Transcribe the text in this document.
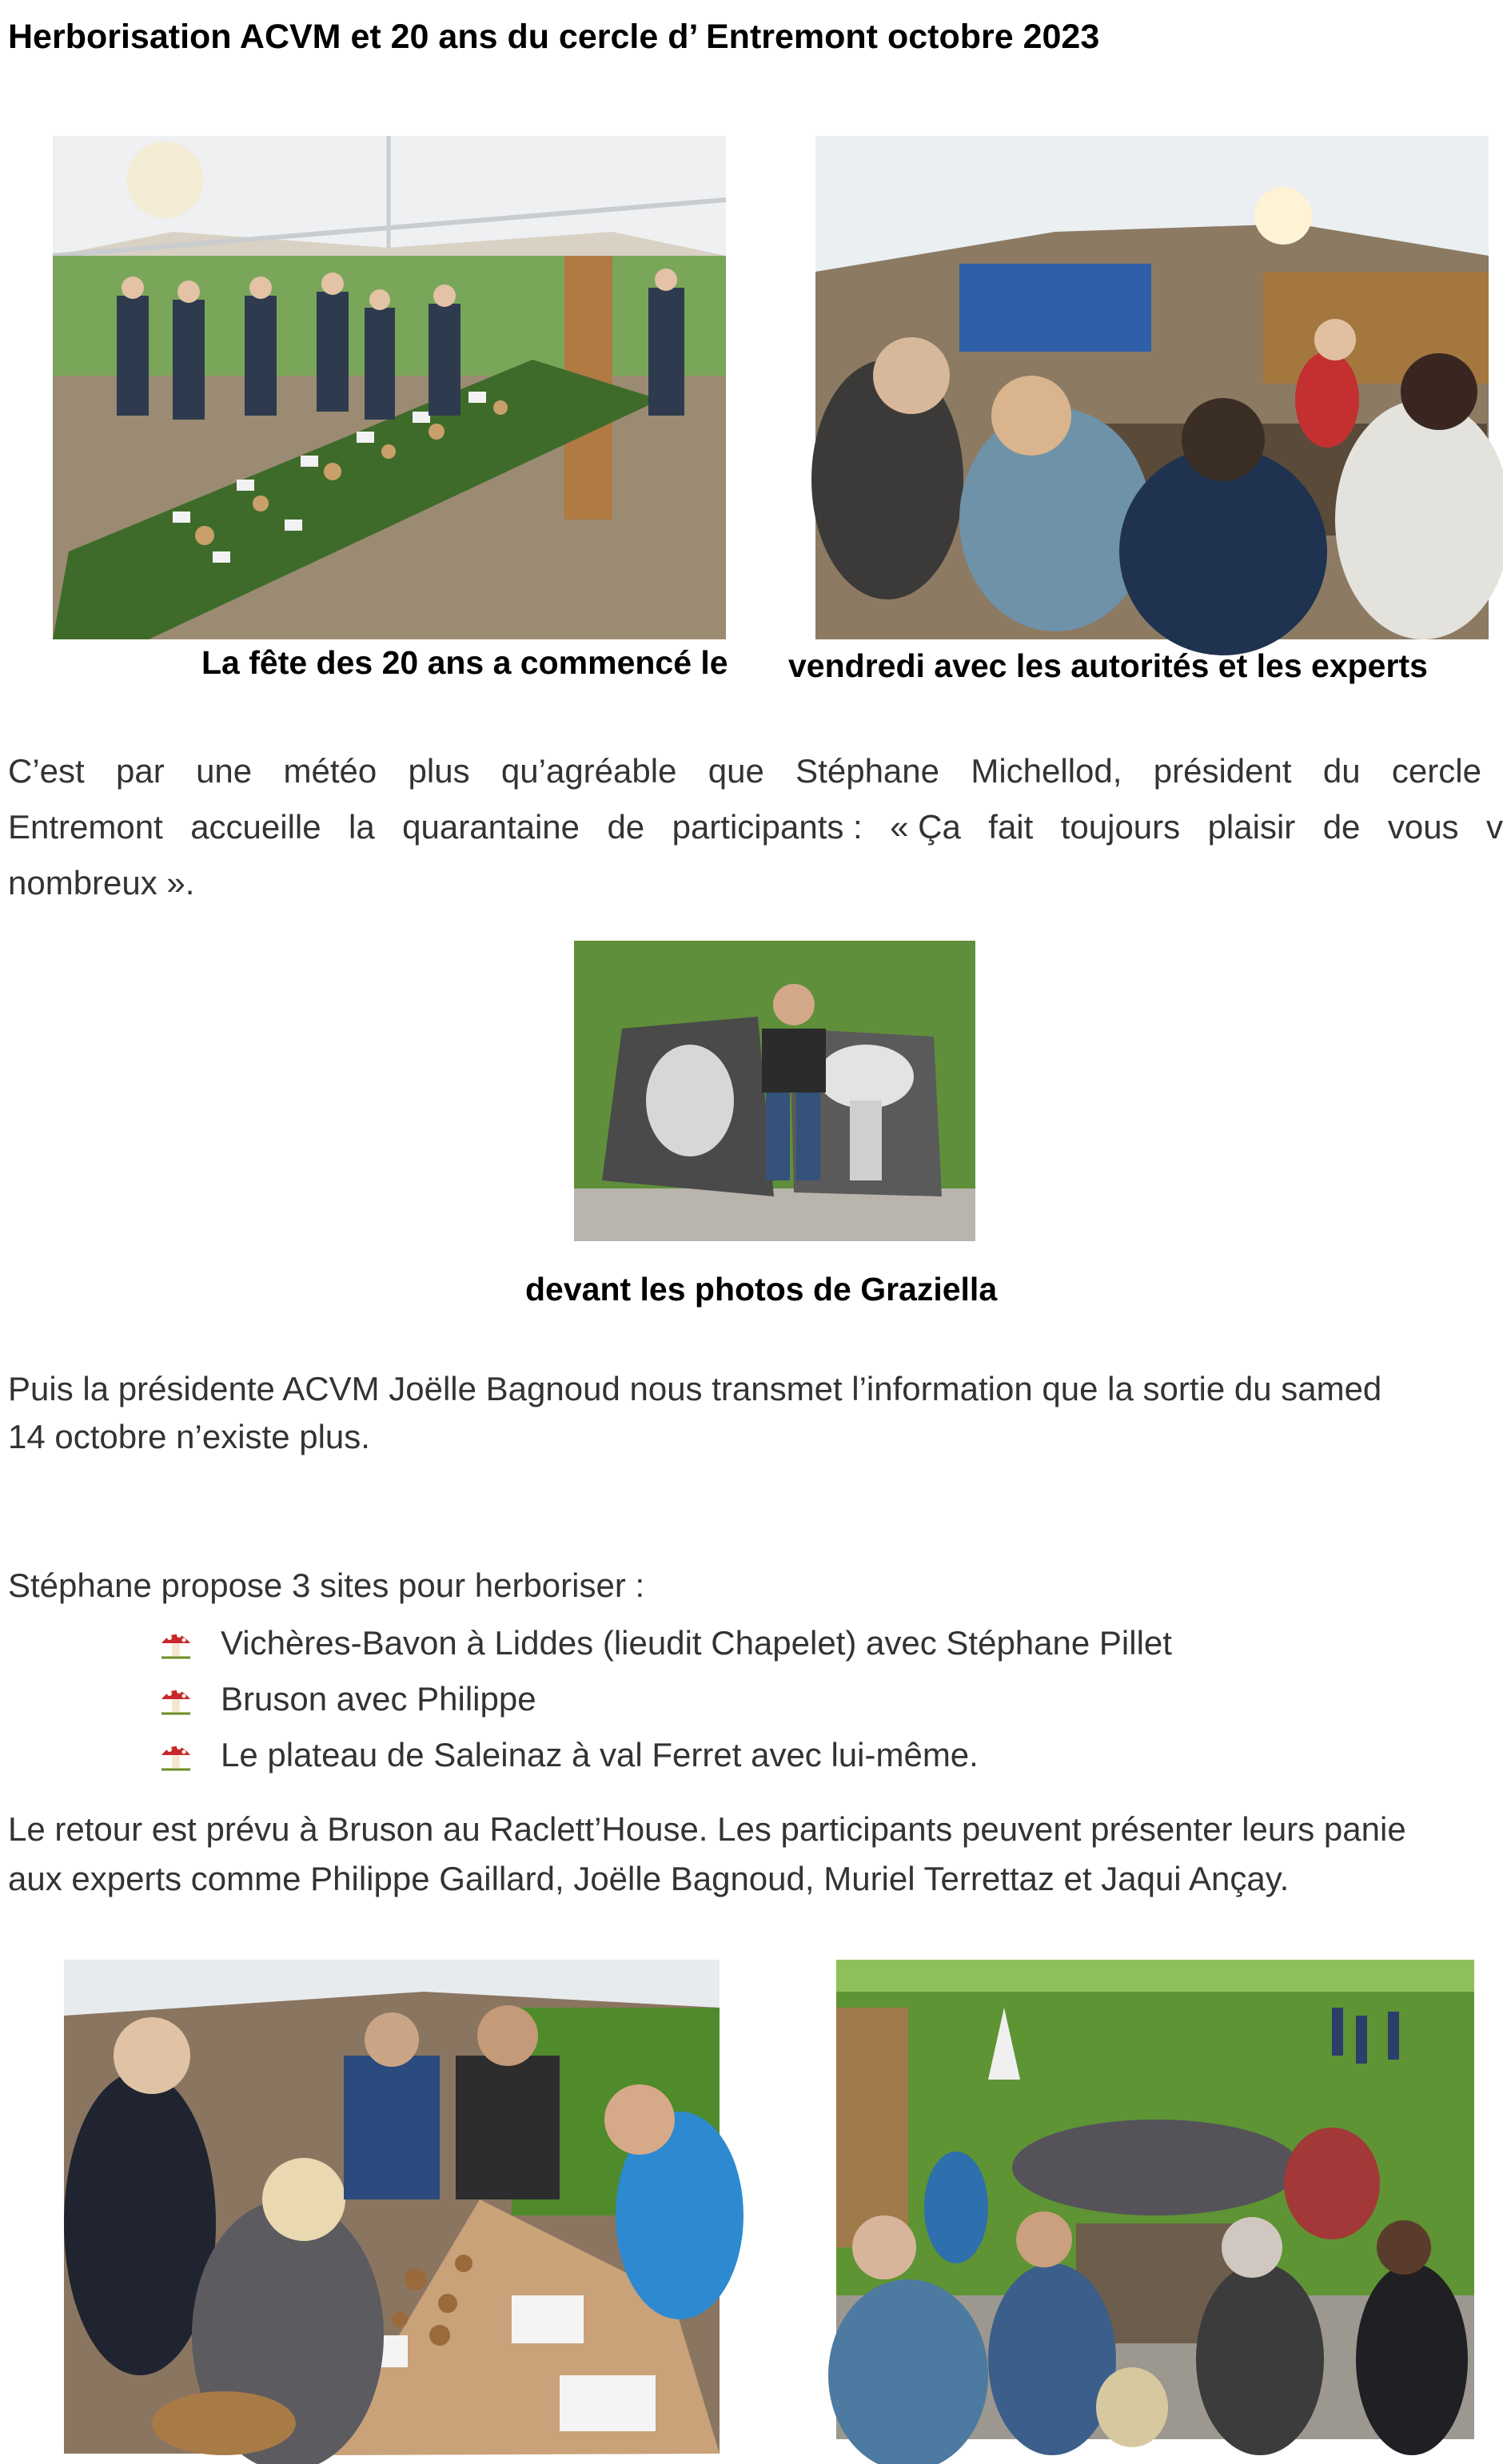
Herborisation ACVM et 20 ans du cercle d’ Entremont octobre 2023
La fête des 20 ans a commencé le vendredi avec les autorités et les experts
C’est par une météo plus qu’agréable que Stéphane Michellod, président du cercle
Entremont accueille la quarantaine de participants : « Ça fait toujours plaisir de vous v
nombreux ».
devant les photos de Graziella
Puis la présidente ACVM Joëlle Bagnoud nous transmet l’information que la sortie du samed
14 octobre n’existe plus.
Stéphane propose 3 sites pour herboriser :
Vichères-Bavon à Liddes (lieudit Chapelet) avec Stéphane Pillet
Bruson avec Philippe
Le plateau de Saleinaz à val Ferret avec lui-même.
Le retour est prévu à Bruson au Raclett’House. Les participants peuvent présenter leurs panie
aux experts comme Philippe Gaillard, Joëlle Bagnoud, Muriel Terrettaz et Jaqui Ançay.
